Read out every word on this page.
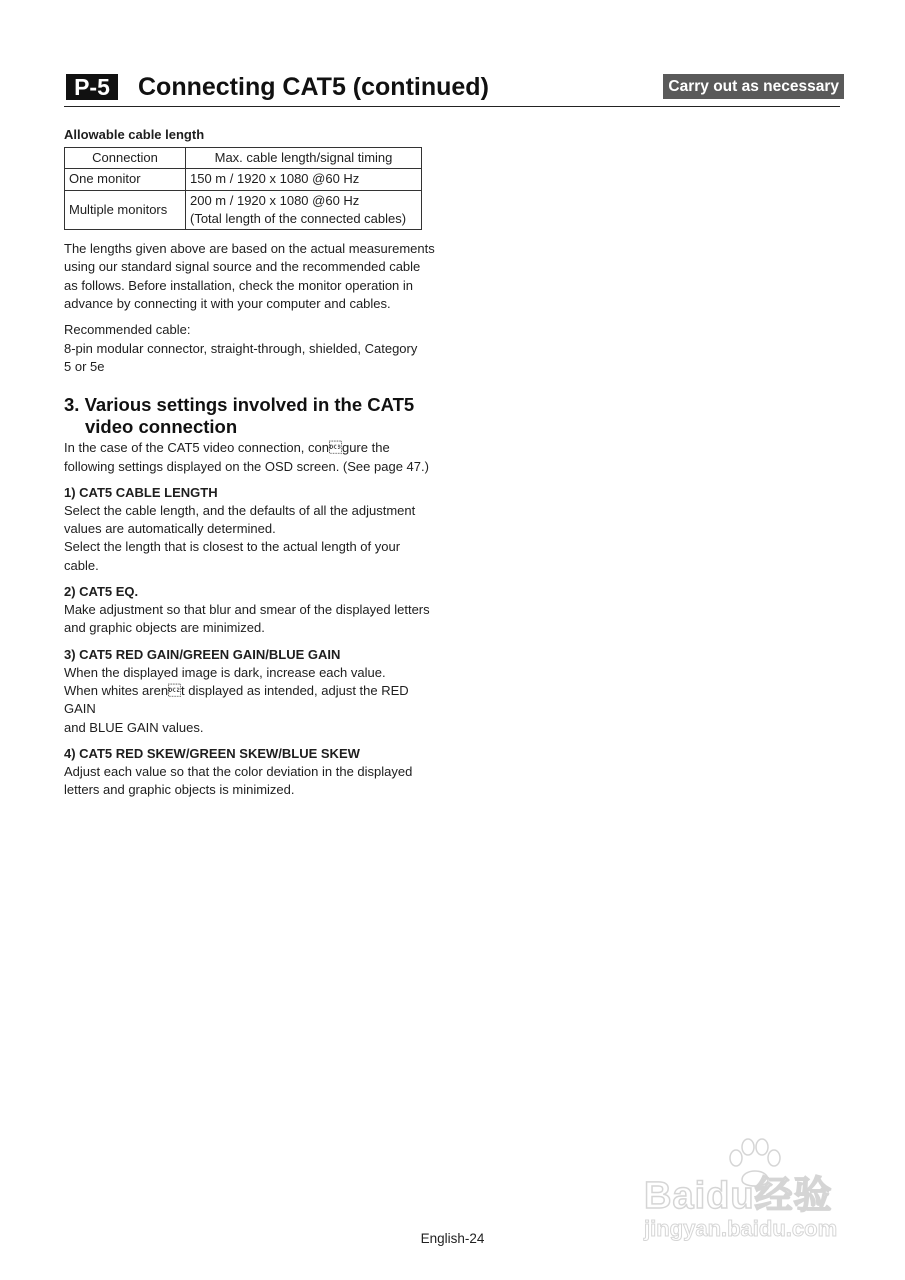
P-5	Connecting CAT5 (continued)	Carry out as necessary
Allowable cable length
Connection	Max. cable length/signal timing
One monitor	150 m / 1920 x 1080 @60 Hz

Multiple monitors	200 m / 1920 x 1080 @60 Hz
(Total length of the connected cables)

The lengths given above are based on the actual measurements
using our standard signal source and the recommended cable
as follows. Before installation, check the monitor operation in
advance by connecting it with your computer and cables.

Recommended cable:
8-pin modular connector, straight-through, shielded, Category
5 or 5e

3. Various settings involved in the CAT5
video connection

In the case of the CAT5 video connection, congure the
following settings displayed on the OSD screen. (See page 47.)

1) CAT5 CABLE LENGTH
Select the cable length, and the defaults of all the adjustment
values are automatically determined.
Select the length that is closest to the actual length of your
cable.
2) CAT5 EQ.
Make adjustment so that blur and smear of the displayed letters
and graphic objects are minimized.
3) CAT5 RED GAIN/GREEN GAIN/BLUE GAIN
When the displayed image is dark, increase each value.
When whites arent displayed as intended, adjust the RED GAIN
and BLUE GAIN values.
4) CAT5 RED SKEW/GREEN SKEW/BLUE SKEW
Adjust each value so that the color deviation in the displayed
letters and graphic objects is minimized.
English-24
Baidu经验
jingyan.baidu.com
